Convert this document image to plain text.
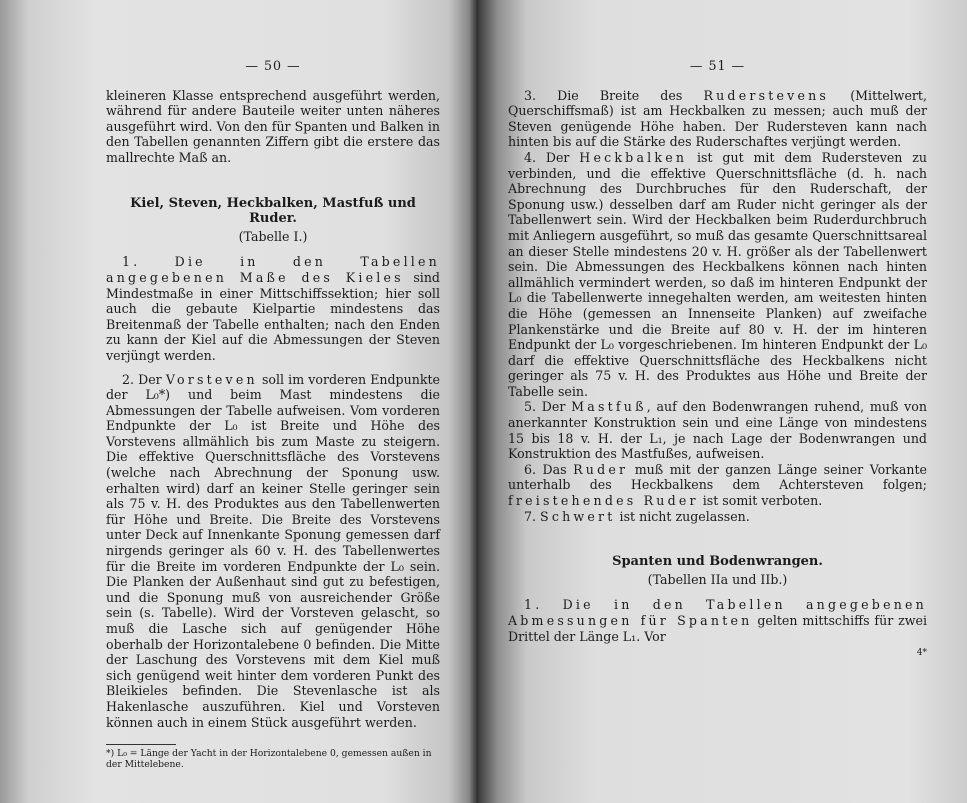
— 50 —

kleineren Klasse entsprechend ausgeführt werden, während für andere Bauteile weiter unten näheres ausgeführt wird. Von den für Spanten und Balken in den Tabellen genannten Ziffern gibt die erstere das mallrechte Maß an.

Kiel, Steven, Heckbalken, Mastfuß und Ruder.
(Tabelle I.)

1. Die in den Tabellen angegebenen Maße des Kieles sind Mindestmaße in einer Mittschiffssektion; hier soll auch die gebaute Kielpartie mindestens das Breitenmaß der Tabelle enthalten; nach den Enden zu kann der Kiel auf die Abmessungen der Steven verjüngt werden.

2. Der Vorsteven soll im vorderen Endpunkte der L₀*) und beim Mast mindestens die Abmessungen der Tabelle aufweisen. Vom vorderen Endpunkte der L₀ ist Breite und Höhe des Vorstevens allmählich bis zum Maste zu steigern. Die effektive Querschnittsfläche des Vorstevens (welche nach Abrechnung der Sponung usw. erhalten wird) darf an keiner Stelle geringer sein als 75 v. H. des Produktes aus den Tabellenwerten für Höhe und Breite. Die Breite des Vorstevens unter Deck auf Innenkante Sponung gemessen darf nirgends geringer als 60 v. H. des Tabellenwertes für die Breite im vorderen Endpunkte der L₀ sein. Die Planken der Außenhaut sind gut zu befestigen, und die Sponung muß von ausreichender Größe sein (s. Tabelle). Wird der Vorsteven gelascht, so muß die Lasche sich auf genügender Höhe oberhalb der Horizontalebene 0 befinden. Die Mitte der Laschung des Vorstevens mit dem Kiel muß sich genügend weit hinter dem vorderen Punkt des Bleikieles befinden. Die Stevenlasche ist als Hakenlasche auszuführen. Kiel und Vorsteven können auch in einem Stück ausgeführt werden.

*) L₀ = Länge der Yacht in der Horizontalebene 0, gemessen außen in der Mittelebene.

— 51 —

3. Die Breite des Ruderstevens (Mittelwert, Querschiffsmaß) ist am Heckbalken zu messen; auch muß der Steven genügende Höhe haben. Der Rudersteven kann nach hinten bis auf die Stärke des Ruderschaftes verjüngt werden.

4. Der Heckbalken ist gut mit dem Rudersteven zu verbinden, und die effektive Querschnittsfläche (d. h. nach Abrechnung des Durchbruches für den Ruderschaft, der Sponung usw.) desselben darf am Ruder nicht geringer als der Tabellenwert sein. Wird der Heckbalken beim Ruderdurchbruch mit Anliegern ausgeführt, so muß das gesamte Querschnittsareal an dieser Stelle mindestens 20 v. H. größer als der Tabellenwert sein. Die Abmessungen des Heckbalkens können nach hinten allmählich vermindert werden, so daß im hinteren Endpunkt der L₀ die Tabellenwerte innegehalten werden, am weitesten hinten die Höhe (gemessen an Innenseite Planken) auf zweifache Plankenstärke und die Breite auf 80 v. H. der im hinteren Endpunkt der L₀ vorgeschriebenen. Im hinteren Endpunkt der L₀ darf die effektive Querschnittsfläche des Heckbalkens nicht geringer als 75 v. H. des Produktes aus Höhe und Breite der Tabelle sein.

5. Der Mastfuß, auf den Bodenwrangen ruhend, muß von anerkannter Konstruktion sein und eine Länge von mindestens 15 bis 18 v. H. der L₁, je nach Lage der Bodenwrangen und Konstruktion des Mastfußes, aufweisen.

6. Das Ruder muß mit der ganzen Länge seiner Vorkante unterhalb des Heckbalkens dem Achtersteven folgen; freistehendes Ruder ist somit verboten.

7. Schwert ist nicht zugelassen.

Spanten und Bodenwrangen.
(Tabellen IIa und IIb.)

1. Die in den Tabellen angegebenen Abmessungen für Spanten gelten mittschiffs für zwei Drittel der Länge L₁. Vor

4*
